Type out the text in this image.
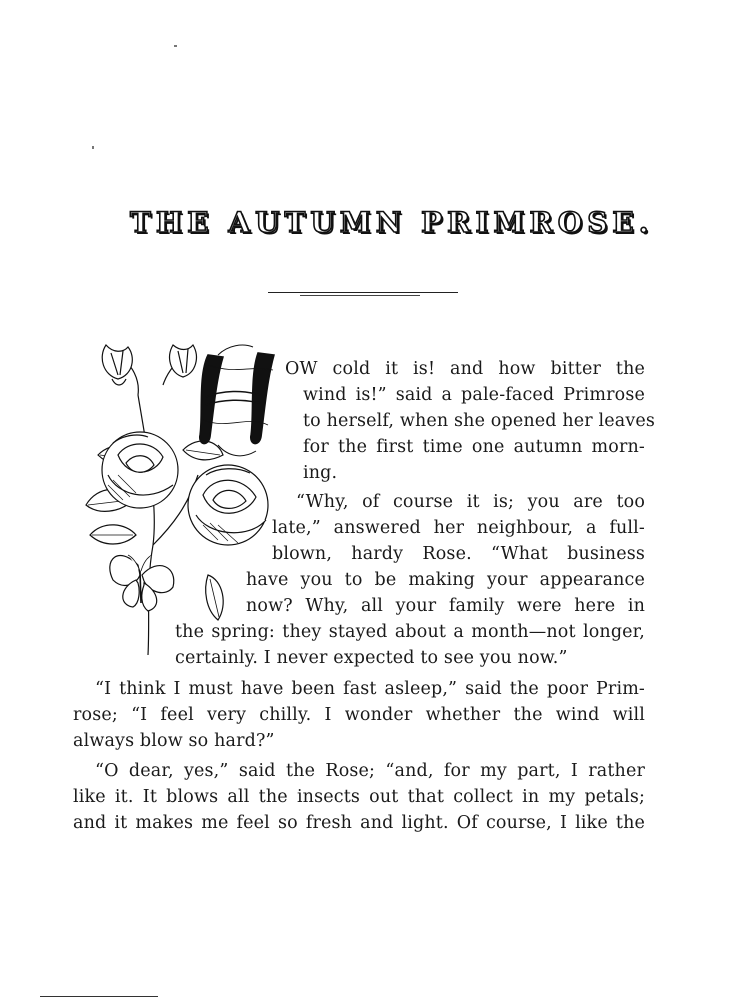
THE AUTUMN PRIMROSE.
H

OW cold it is! and how bitter the

wind is!” said a pale-faced Primrose

to herself, when she opened her leaves

for the first time one autumn morn-

ing.

“Why, of course it is; you are too

late,” answered her neighbour, a full-

blown, hardy Rose. “What business

have you to be making your appearance

now? Why, all your family were here in

the spring: they stayed about a month—not longer,

certainly. I never expected to see you now.”

“I think I must have been fast asleep,” said the poor Prim-

rose; “I feel very chilly. I wonder whether the wind will

always blow so hard?”

“O dear, yes,” said the Rose; “and, for my part, I rather

like it. It blows all the insects out that collect in my petals;

and it makes me feel so fresh and light. Of course, I like the
